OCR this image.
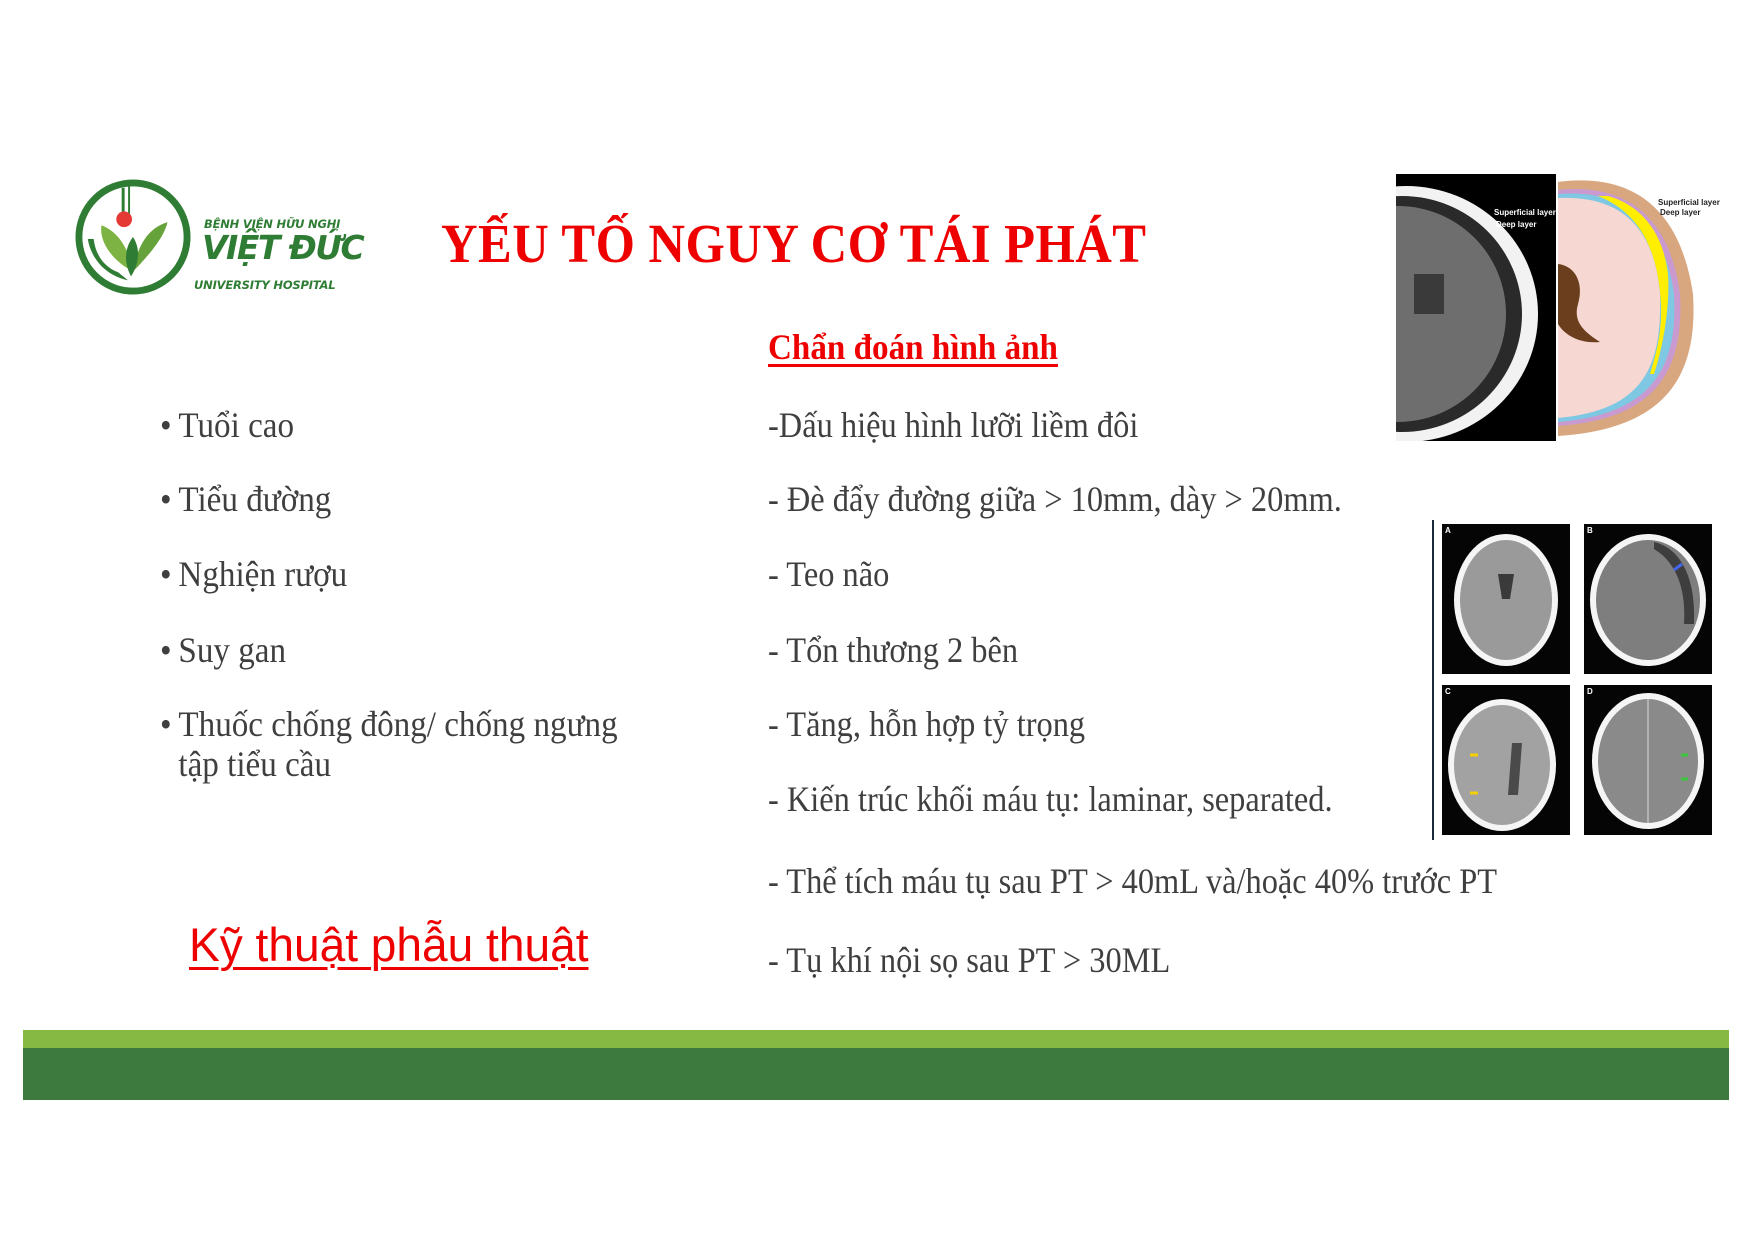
BỆNH VIỆN HỮU NGHỊ
VIỆT ĐỨC
UNIVERSITY HOSPITAL
YẾU TỐ NGUY CƠ TÁI PHÁT
• Tuổi cao
• Tiểu đường
• Nghiện rượu
• Suy gan
• Thuốc chống đông/ chống ngưng
tập tiểu cầu
Chẩn đoán hình ảnh
-Dấu hiệu hình lưỡi liềm đôi
- Đè đẩy đường giữa > 10mm, dày > 20mm.
- Teo não
- Tổn thương 2 bên
- Tăng, hỗn hợp tỷ trọng
- Kiến trúc khối máu tụ: laminar, separated.
- Thể tích máu tụ sau PT > 40mL và/hoặc 40% trước PT
- Tụ khí nội sọ sau PT > 30ML
Kỹ thuật phẫu thuật
Superficial layer
Deep layer
Superficial layer
Deep layer
A	B
C	D
